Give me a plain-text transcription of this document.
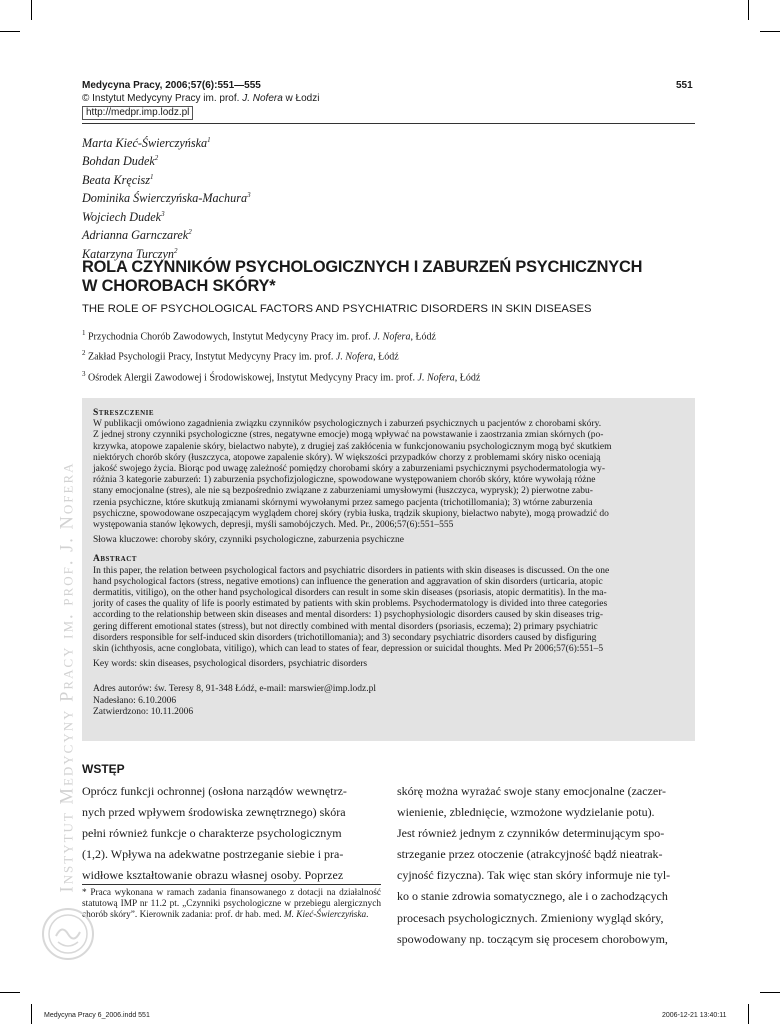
Medycyna Pracy, 2006;57(6):551—555	551
© Instytut Medycyny Pracy im. prof. J. Nofera w Łodzi
http://medpr.imp.lodz.pl
Marta Kieć-Świerczyńska$^1$
Bohdan Dudek$^2$
Beata Kręcisz$^1$
Dominika Świerczyńska-Machura$^3$
Wojciech Dudek$^3$
Adrianna Garnczarek$^2$
Katarzyna Turczyn$^2$
ROLA CZYNNIKÓW PSYCHOLOGICZNYCH I ZABURZEŃ PSYCHICZNYCH
W CHOROBACH SKÓRY*
THE ROLE OF PSYCHOLOGICAL FACTORS AND PSYCHIATRIC DISORDERS IN SKIN DISEASES
$^1$ Przychodnia Chorób Zawodowych, Instytut Medycyny Pracy im. prof. J. Nofera, Łódź
$^2$ Zakład Psychologii Pracy, Instytut Medycyny Pracy im. prof. J. Nofera, Łódź
$^3$ Ośrodek Alergii Zawodowej i Środowiskowej, Instytut Medycyny Pracy im. prof. J. Nofera, Łódź
Streszczenie
W publikacji omówiono zagadnienia związku czynników psychologicznych i zaburzeń psychicznych u pacjentów z chorobami skóry.
Z jednej strony czynniki psychologiczne (stres, negatywne emocje) mogą wpływać na powstawanie i zaostrzania zmian skórnych (po-
krzywka, atopowe zapalenie skóry, bielactwo nabyte), z drugiej zaś zakłócenia w funkcjonowaniu psychologicznym mogą być skutkiem
niektórych chorób skóry (łuszczyca, atopowe zapalenie skóry). W większości przypadków chorzy z problemami skóry nisko oceniają
jakość swojego życia. Biorąc pod uwagę zależność pomiędzy chorobami skóry a zaburzeniami psychicznymi psychodermatologia wy-
różnia 3 kategorie zaburzeń: 1) zaburzenia psychofizjologiczne, spowodowane występowaniem chorób skóry, które wywołają różne
stany emocjonalne (stres), ale nie są bezpośrednio związane z zaburzeniami umysłowymi (łuszczyca, wyprysk); 2) pierwotne zabu-
rzenia psychiczne, które skutkują zmianami skórnymi wywołanymi przez samego pacjenta (trichotillomania); 3) wtórne zaburzenia
psychiczne, spowodowane oszpecającym wyglądem chorej skóry (rybia łuska, trądzik skupiony, bielactwo nabyte), mogą prowadzić do
występowania stanów lękowych, depresji, myśli samobójczych. Med. Pr., 2006;57(6):551–555
Słowa kluczowe: choroby skóry, czynniki psychologiczne, zaburzenia psychiczne
Abstract
In this paper, the relation between psychological factors and psychiatric disorders in patients with skin diseases is discussed. On the one
hand psychological factors (stress, negative emotions) can influence the generation and aggravation of skin disorders (urticaria, atopic
dermatitis, vitiligo), on the other hand psychological disorders can result in some skin diseases (psoriasis, atopic dermatitis). In the ma-
jority of cases the quality of life is poorly estimated by patients with skin problems. Psychodermatology is divided into three categories
according to the relationship between skin diseases and mental disorders: 1) psychophysiologic disorders caused by skin diseases trig-
gering different emotional states (stress), but not directly combined with mental disorders (psoriasis, eczema); 2) primary psychiatric
disorders responsible for self-induced skin disorders (trichotillomania); and 3) secondary psychiatric disorders caused by disfiguring
skin (ichthyosis, acne conglobata, vitiligo), which can lead to states of fear, depression or suicidal thoughts. Med Pr 2006;57(6):551–5
Key words: skin diseases, psychological disorders, psychiatric disorders
Adres autorów: św. Teresy 8, 91-348 Łódź, e-mail: marswier@imp.lodz.pl
Nadesłano: 6.10.2006
Zatwierdzono: 10.11.2006
WSTĘP
Oprócz funkcji ochronnej (osłona narządów wewnętrz-
nych przed wpływem środowiska zewnętrznego) skóra
pełni również funkcje o charakterze psychologicznym
(1,2). Wpływa na adekwatne postrzeganie siebie i pra-
widłowe kształtowanie obrazu własnej osoby. Poprzez
skórę można wyrażać swoje stany emocjonalne (zaczer-
wienienie, zblednięcie, wzmożone wydzielanie potu).
Jest również jednym z czynników determinującym spo-
strzeganie przez otoczenie (atrakcyjność bądź nieatrak-
cyjność fizyczna). Tak więc stan skóry informuje nie tyl-
ko o stanie zdrowia somatycznego, ale i o zachodzących
procesach psychologicznych. Zmieniony wygląd skóry,
spowodowany np. toczącym się procesem chorobowym,
* Praca wykonana w ramach zadania finansowanego z dotacji na działalność statutową IMP nr 11.2 pt. „Czynniki psychologiczne w przebiegu alergicznych chorób skóry”. Kierownik zadania: prof. dr hab. med. M. Kieć-Świerczyńska.
Instytut Medycyny Pracy im. prof. J. Nofera
Medycyna Pracy 6_2006.indd 551	2006-12-21 13:40:11
